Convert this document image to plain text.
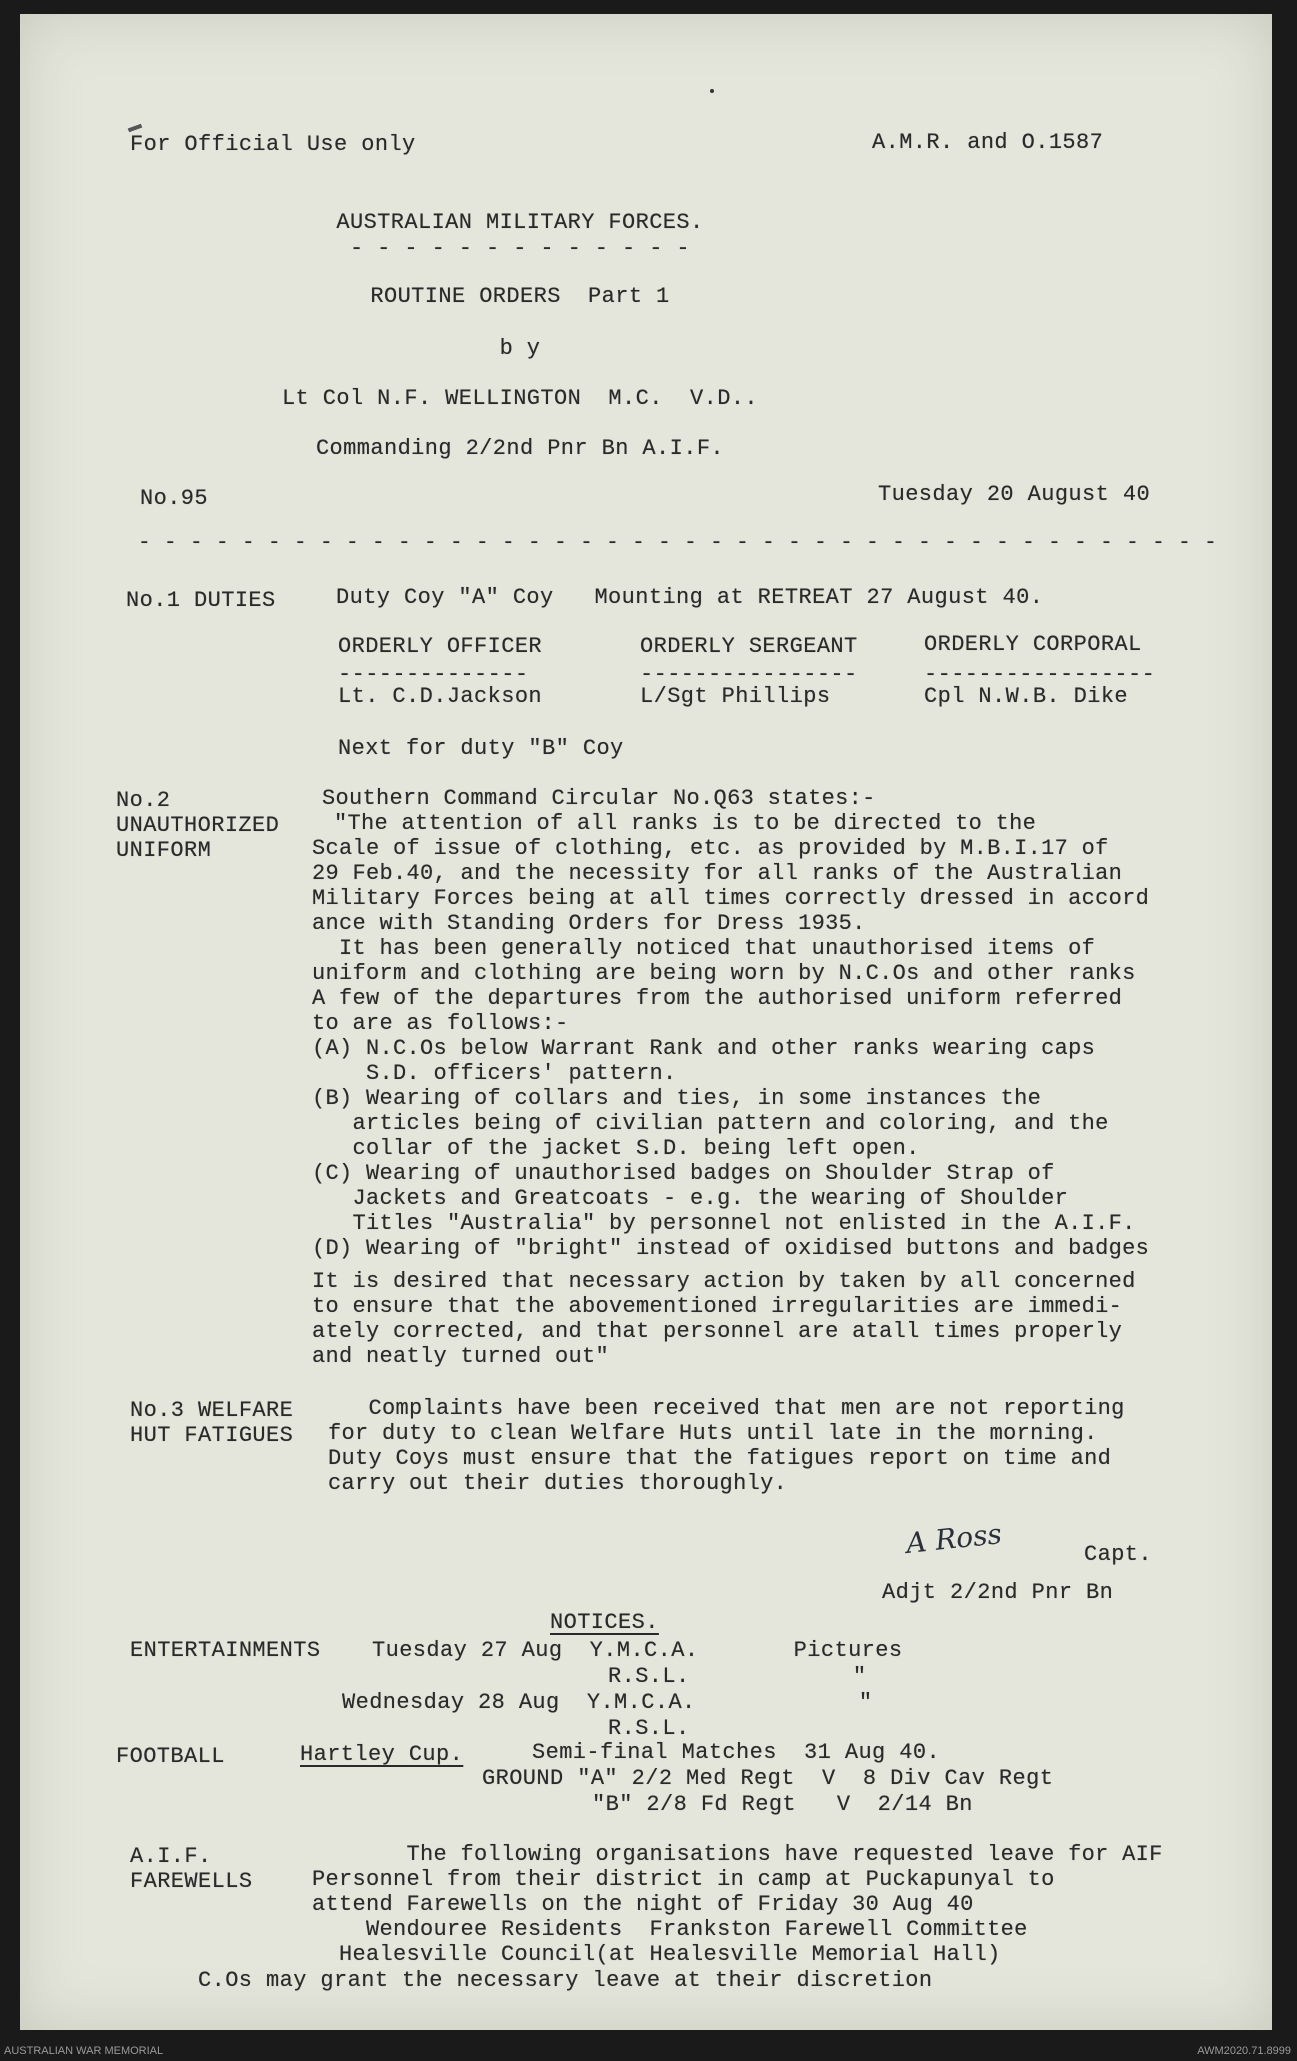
For Official Use only	A.M.R. and O.1587
AUSTRALIAN MILITARY FORCES.
- - - - - - - - - - - - -
ROUTINE ORDERS  Part 1
b y
Lt Col N.F. WELLINGTON  M.C.  V.D..
Commanding 2/2nd Pnr Bn A.I.F.
No.95	Tuesday 20 August 40
- - - - - - - - - - - - - - - - - - - - - - - - - - - - - - - - - - - - - - - - - -
No.1 DUTIES	Duty Coy "A" Coy   Mounting at RETREAT 27 August 40.
ORDERLY OFFICER	ORDERLY SERGEANT	ORDERLY CORPORAL
--------------	----------------	-----------------
Lt. C.D.Jackson	L/Sgt Phillips	Cpl N.W.B. Dike
Next for duty "B" Coy
No.2
UNAUTHORIZED
UNIFORM
Southern Command Circular No.Q63 states:-
"The attention of all ranks is to be directed to the
Scale of issue of clothing, etc. as provided by M.B.I.17 of
29 Feb.40, and the necessity for all ranks of the Australian
Military Forces being at all times correctly dressed in accord
ance with Standing Orders for Dress 1935.
It has been generally noticed that unauthorised items of
uniform and clothing are being worn by N.C.Os and other ranks
A few of the departures from the authorised uniform referred
to are as follows:-
(A) N.C.Os below Warrant Rank and other ranks wearing caps
S.D. officers' pattern.
(B) Wearing of collars and ties, in some instances the
articles being of civilian pattern and coloring, and the
collar of the jacket S.D. being left open.
(C) Wearing of unauthorised badges on Shoulder Strap of
Jackets and Greatcoats - e.g. the wearing of Shoulder
Titles "Australia" by personnel not enlisted in the A.I.F.
(D) Wearing of "bright" instead of oxidised buttons and badges
It is desired that necessary action by taken by all concerned
to ensure that the abovementioned irregularities are immedi-
ately corrected, and that personnel are atall times properly
and neatly turned out"
No.3 WELFARE
HUT FATIGUES
Complaints have been received that men are not reporting
for duty to clean Welfare Huts until late in the morning.
Duty Coys must ensure that the fatigues report on time and
carry out their duties thoroughly.
A Ross	Capt.
Adjt 2/2nd Pnr Bn
NOTICES.
ENTERTAINMENTS Tuesday 27 Aug  Y.M.C.A.       Pictures
R.S.L.            "
Wednesday 28 Aug  Y.M.C.A.            "
R.S.L.
FOOTBALL	Hartley Cup.	Semi-final Matches  31 Aug 40.
GROUND "A" 2/2 Med Regt  V  8 Div Cav Regt
"B" 2/8 Fd Regt   V  2/14 Bn
A.I.F.
FAREWELLS
The following organisations have requested leave for AIF
Personnel from their district in camp at Puckapunyal to
attend Farewells on the night of Friday 30 Aug 40
Wendouree Residents  Frankston Farewell Committee
Healesville Council(at Healesville Memorial Hall)
C.Os may grant the necessary leave at their discretion
AUSTRALIAN WAR MEMORIAL	AWM2020.71.8999
